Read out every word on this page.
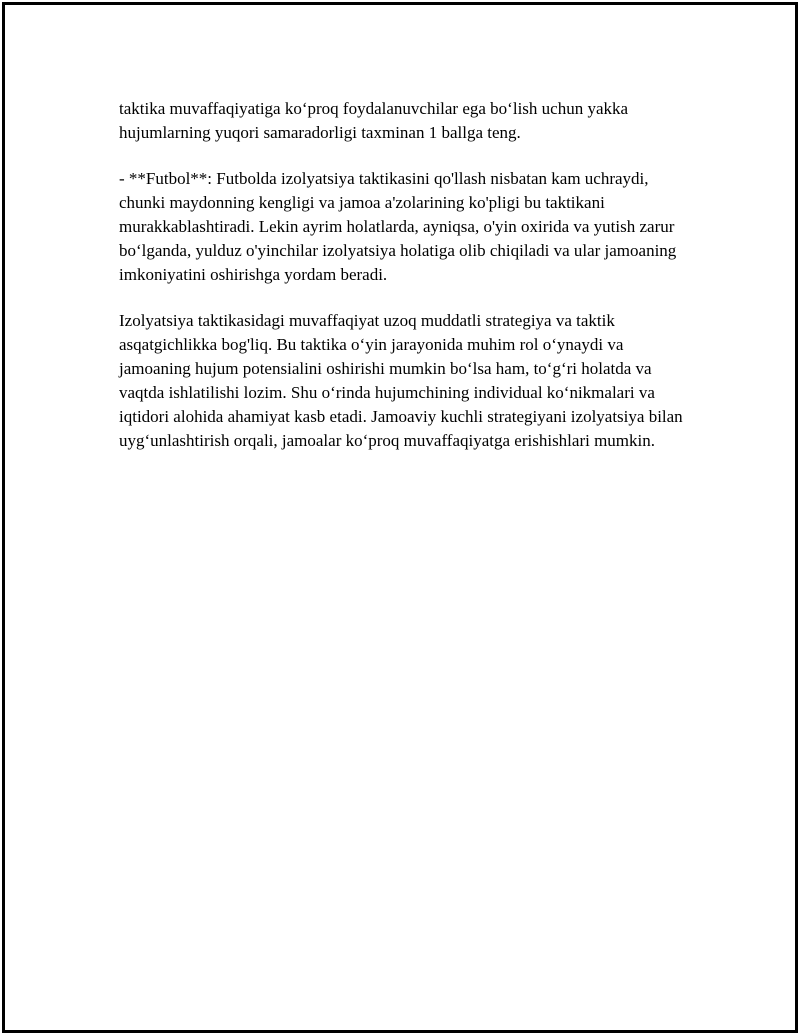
taktika muvaffaqiyatiga ko‘proq foydalanuvchilar ega bo‘lish uchun yakka hujumlarning yuqori samaradorligi taxminan 1 ballga teng.

- **Futbol**: Futbolda izolyatsiya taktikasini qo'llash nisbatan kam uchraydi, chunki maydonning kengligi va jamoa a'zolarining ko'pligi bu taktikani murakkablashtiradi. Lekin ayrim holatlarda, ayniqsa, o'yin oxirida va yutish zarur bo‘lganda, yulduz o'yinchilar izolyatsiya holatiga olib chiqiladi va ular jamoaning imkoniyatini oshirishga yordam beradi.

Izolyatsiya taktikasidagi muvaffaqiyat uzoq muddatli strategiya va taktik asqatgichlikka bog'liq. Bu taktika o‘yin jarayonida muhim rol o‘ynaydi va jamoaning hujum potensialini oshirishi mumkin bo‘lsa ham, to‘g‘ri holatda va vaqtda ishlatilishi lozim. Shu o‘rinda hujumchining individual ko‘nikmalari va iqtidori alohida ahamiyat kasb etadi. Jamoaviy kuchli strategiyani izolyatsiya bilan uyg‘unlashtirish orqali, jamoalar ko‘proq muvaffaqiyatga erishishlari mumkin.
